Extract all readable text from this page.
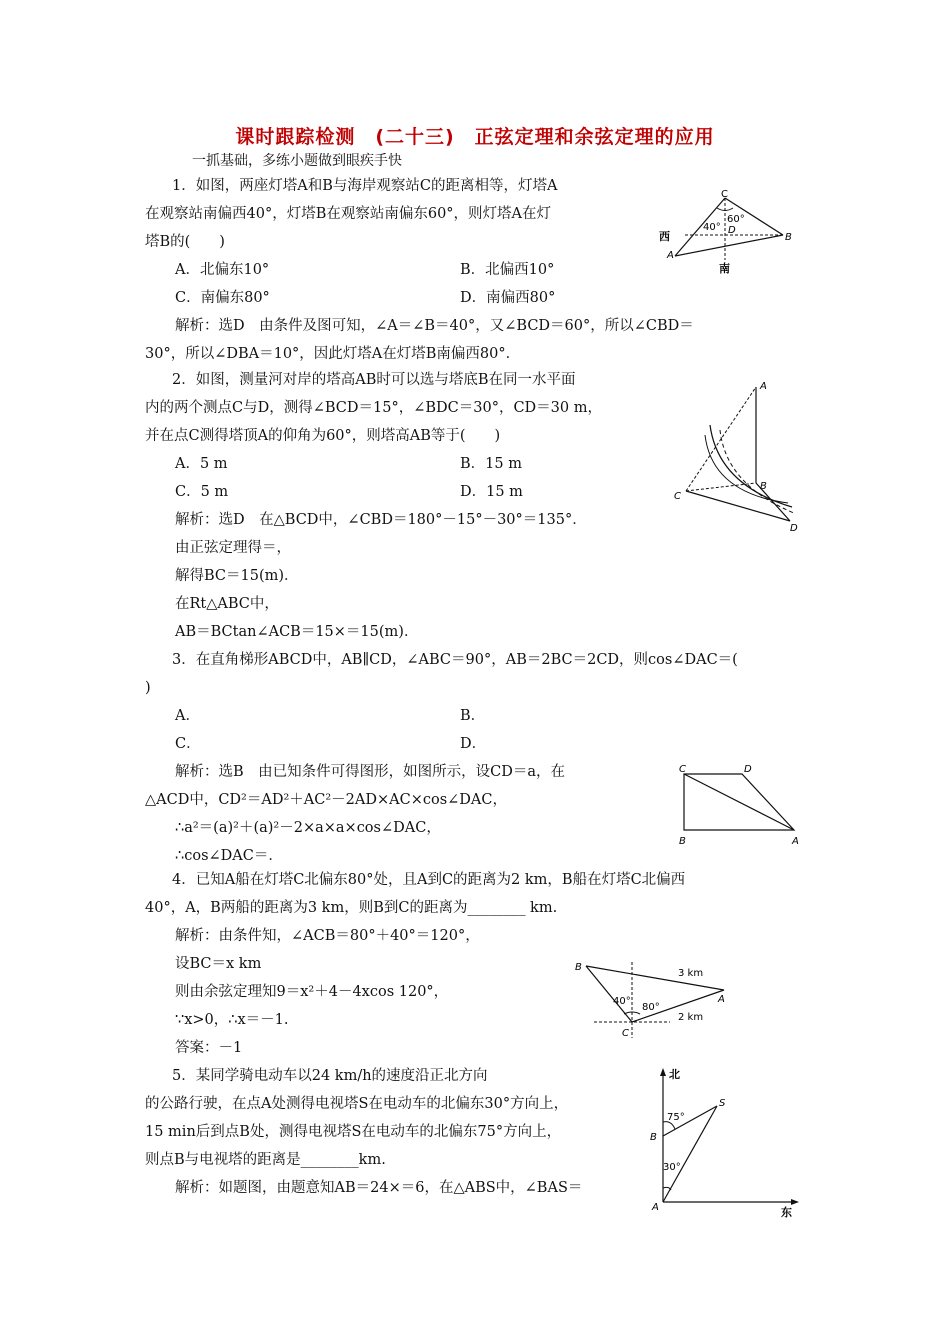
课时跟踪检测　(二十三)　正弦定理和余弦定理的应用
一抓基础，多练小题做到眼疾手快
1．如图，两座灯塔A和B与海岸观察站C的距离相等，灯塔A
在观察站南偏西40°，灯塔B在观察站南偏东60°，则灯塔A在灯
塔B的(　　)
A．北偏东10°	B．北偏西10°
C．南偏东80°	D．南偏西80°
解析：选D　由条件及图可知，∠A＝∠B＝40°，又∠BCD＝60°，所以∠CBD＝
30°，所以∠DBA＝10°，因此灯塔A在灯塔B南偏西80°．
C
60°
40° D
西	B
A
南
2．如图，测量河对岸的塔高AB时可以选与塔底B在同一水平面
内的两个测点C与D，测得∠BCD＝15°，∠BDC＝30°，CD＝30 m，
并在点C测得塔顶A的仰角为60°，则塔高AB等于(　　)
A．5 m	B．15 m
C．5 m	D．15 m
解析：选D　在△BCD中，∠CBD＝180°－15°－30°＝135°．
由正弦定理得＝，
解得BC＝15(m)．
在Rt△ABC中，
AB＝BCtan∠ACB＝15×＝15(m)．
A
B
C
D
3．在直角梯形ABCD中，AB∥CD，∠ABC＝90°，AB＝2BC＝2CD，则cos∠DAC＝(
)
A．	B．
C．	D．
解析：选B　由已知条件可得图形，如图所示，设CD＝a，在
△ACD中，CD²＝AD²＋AC²－2AD×AC×cos∠DAC，
∴a²＝(a)²＋(a)²－2×a×a×cos∠DAC，
∴cos∠DAC＝．
C	D
B	A
4．已知A船在灯塔C北偏东80°处，且A到C的距离为2 km，B船在灯塔C北偏西
40°，A，B两船的距离为3 km，则B到C的距离为________ km.
解析：由条件知，∠ACB＝80°＋40°＝120°，
设BC＝x km
则由余弦定理知9＝x²＋4－4xcos 120°，
∵x>0，∴x＝－1.
答案：－1
B
3 km
40°
80°
A
2 km
C
5．某同学骑电动车以24 km/h的速度沿正北方向
的公路行驶，在点A处测得电视塔S在电动车的北偏东30°方向上，
15 min后到点B处，测得电视塔S在电动车的北偏东75°方向上，
则点B与电视塔的距离是________km.
解析：如题图，由题意知AB＝24×＝6，在△ABS中，∠BAS＝
北
S
75°
B
30°
A	东
